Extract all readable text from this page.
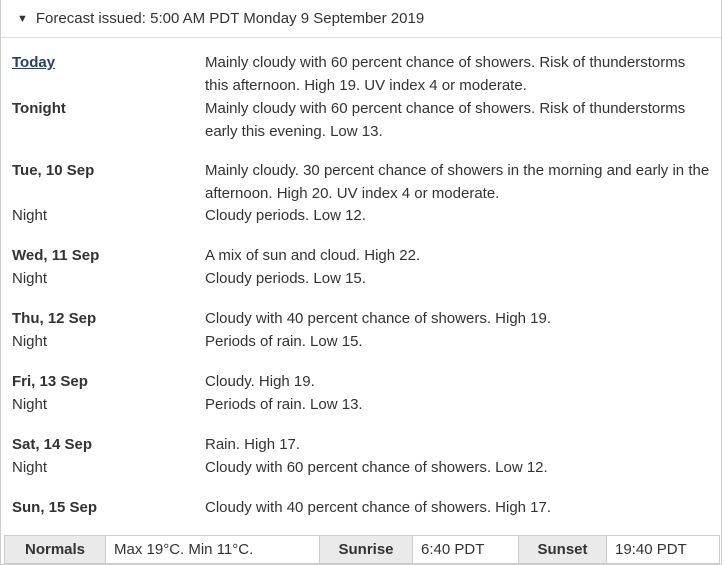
▼ Forecast issued: 5:00 AM PDT Monday 9 September 2019
Today	Mainly cloudy with 60 percent chance of showers. Risk of thunderstorms this afternoon. High 19. UV index 4 or moderate.
Tonight	Mainly cloudy with 60 percent chance of showers. Risk of thunderstorms early this evening. Low 13.
Tue, 10 Sep	Mainly cloudy. 30 percent chance of showers in the morning and early in the afternoon. High 20. UV index 4 or moderate.
Night	Cloudy periods. Low 12.
Wed, 11 Sep	A mix of sun and cloud. High 22.
Night	Cloudy periods. Low 15.
Thu, 12 Sep	Cloudy with 40 percent chance of showers. High 19.
Night	Periods of rain. Low 15.
Fri, 13 Sep	Cloudy. High 19.
Night	Periods of rain. Low 13.
Sat, 14 Sep	Rain. High 17.
Night	Cloudy with 60 percent chance of showers. Low 12.
Sun, 15 Sep	Cloudy with 40 percent chance of showers. High 17.
Normals	Max 19°C. Min 11°C.	Sunrise	6:40 PDT	Sunset	19:40 PDT
